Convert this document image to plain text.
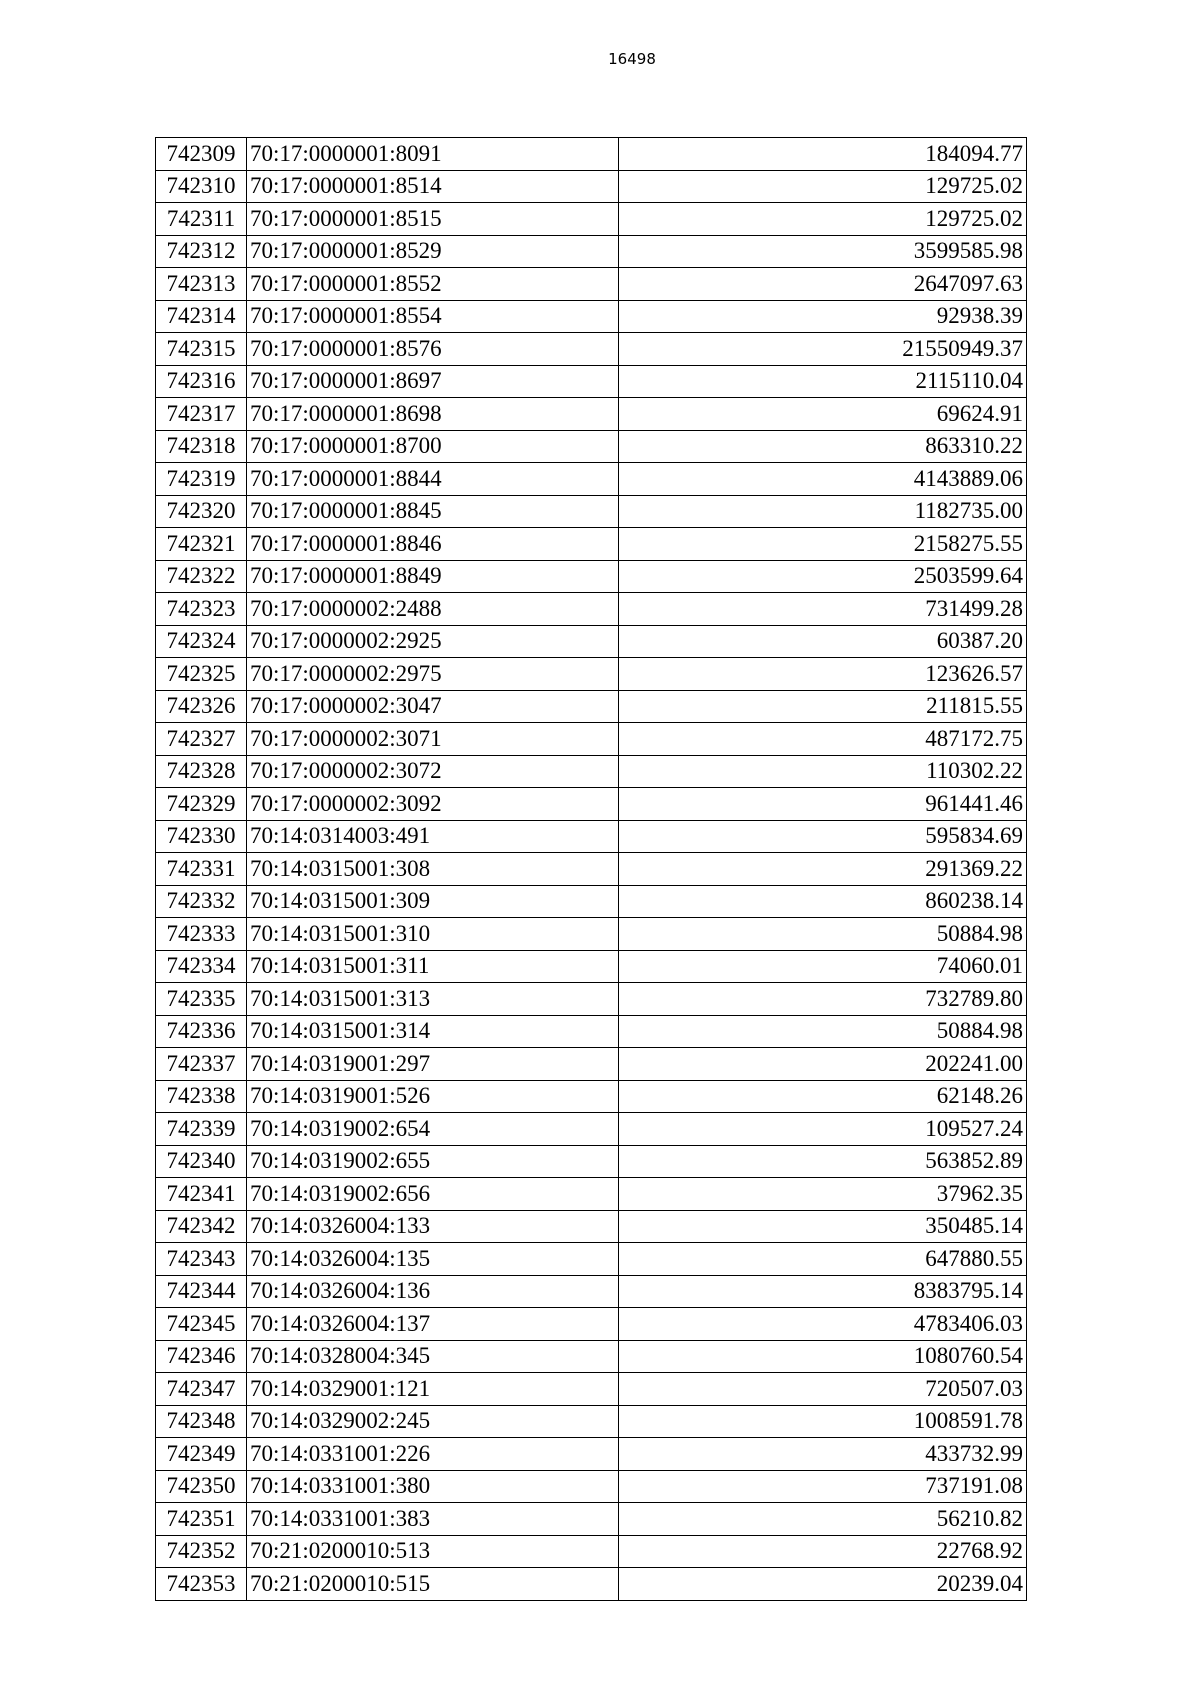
16498
742309	70:17:0000001:8091	184094.77
742310	70:17:0000001:8514	129725.02
742311	70:17:0000001:8515	129725.02
742312	70:17:0000001:8529	3599585.98
742313	70:17:0000001:8552	2647097.63
742314	70:17:0000001:8554	92938.39
742315	70:17:0000001:8576	21550949.37
742316	70:17:0000001:8697	2115110.04
742317	70:17:0000001:8698	69624.91
742318	70:17:0000001:8700	863310.22
742319	70:17:0000001:8844	4143889.06
742320	70:17:0000001:8845	1182735.00
742321	70:17:0000001:8846	2158275.55
742322	70:17:0000001:8849	2503599.64
742323	70:17:0000002:2488	731499.28
742324	70:17:0000002:2925	60387.20
742325	70:17:0000002:2975	123626.57
742326	70:17:0000002:3047	211815.55
742327	70:17:0000002:3071	487172.75
742328	70:17:0000002:3072	110302.22
742329	70:17:0000002:3092	961441.46
742330	70:14:0314003:491	595834.69
742331	70:14:0315001:308	291369.22
742332	70:14:0315001:309	860238.14
742333	70:14:0315001:310	50884.98
742334	70:14:0315001:311	74060.01
742335	70:14:0315001:313	732789.80
742336	70:14:0315001:314	50884.98
742337	70:14:0319001:297	202241.00
742338	70:14:0319001:526	62148.26
742339	70:14:0319002:654	109527.24
742340	70:14:0319002:655	563852.89
742341	70:14:0319002:656	37962.35
742342	70:14:0326004:133	350485.14
742343	70:14:0326004:135	647880.55
742344	70:14:0326004:136	8383795.14
742345	70:14:0326004:137	4783406.03
742346	70:14:0328004:345	1080760.54
742347	70:14:0329001:121	720507.03
742348	70:14:0329002:245	1008591.78
742349	70:14:0331001:226	433732.99
742350	70:14:0331001:380	737191.08
742351	70:14:0331001:383	56210.82
742352	70:21:0200010:513	22768.92
742353	70:21:0200010:515	20239.04
